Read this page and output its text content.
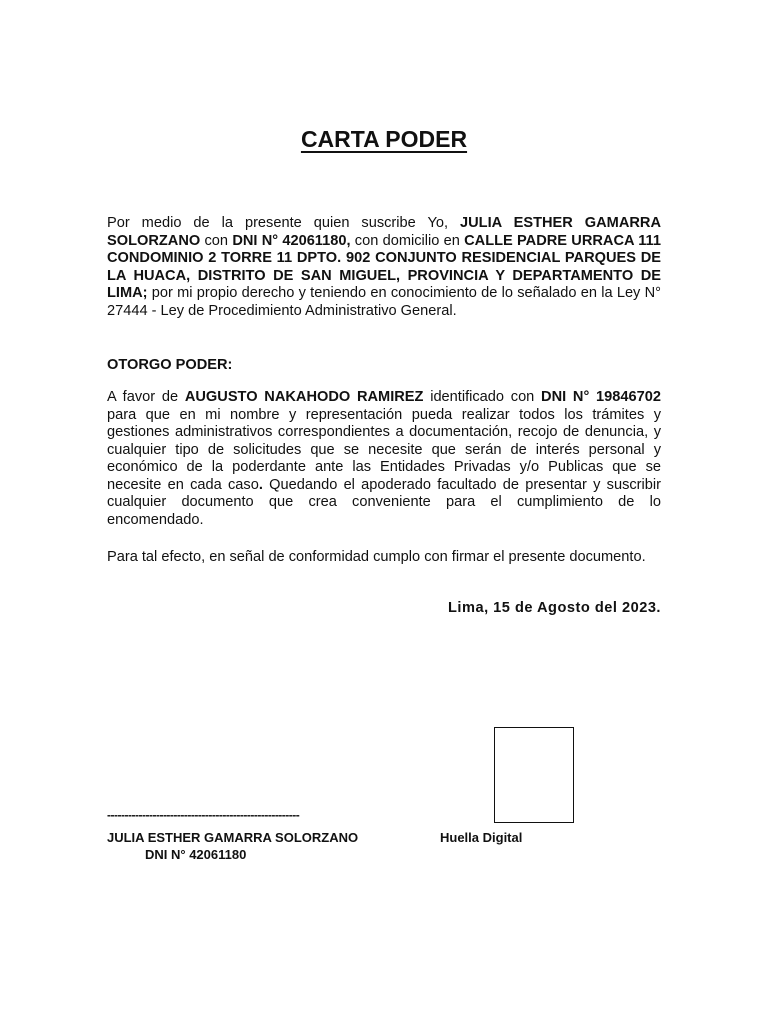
CARTA PODER
Por medio de la presente quien suscribe Yo, JULIA ESTHER GAMARRA SOLORZANO con DNI N° 42061180, con domicilio en CALLE PADRE URRACA 111 CONDOMINIO 2 TORRE 11 DPTO. 902 CONJUNTO RESIDENCIAL PARQUES DE LA HUACA, DISTRITO DE SAN MIGUEL, PROVINCIA Y DEPARTAMENTO DE LIMA; por mi propio derecho y teniendo en conocimiento de lo señalado en la Ley N° 27444 - Ley de Procedimiento Administrativo General.
OTORGO PODER:
A favor de AUGUSTO NAKAHODO RAMIREZ identificado con DNI N° 19846702 para que en mi nombre y representación pueda realizar todos los trámites y gestiones administrativos correspondientes a documentación, recojo de denuncia, y cualquier tipo de solicitudes que se necesite que serán de interés personal y económico de la poderdante ante las Entidades Privadas y/o Publicas que se necesite en cada caso. Quedando el apoderado facultado de presentar y suscribir cualquier documento que crea conveniente para el cumplimiento de lo encomendado.
Para tal efecto, en señal de conformidad cumplo con firmar el presente documento.
Lima, 15 de Agosto del 2023.
-------------------------------------------------------
JULIA ESTHER GAMARRA SOLORZANO
DNI N° 42061180
Huella Digital
